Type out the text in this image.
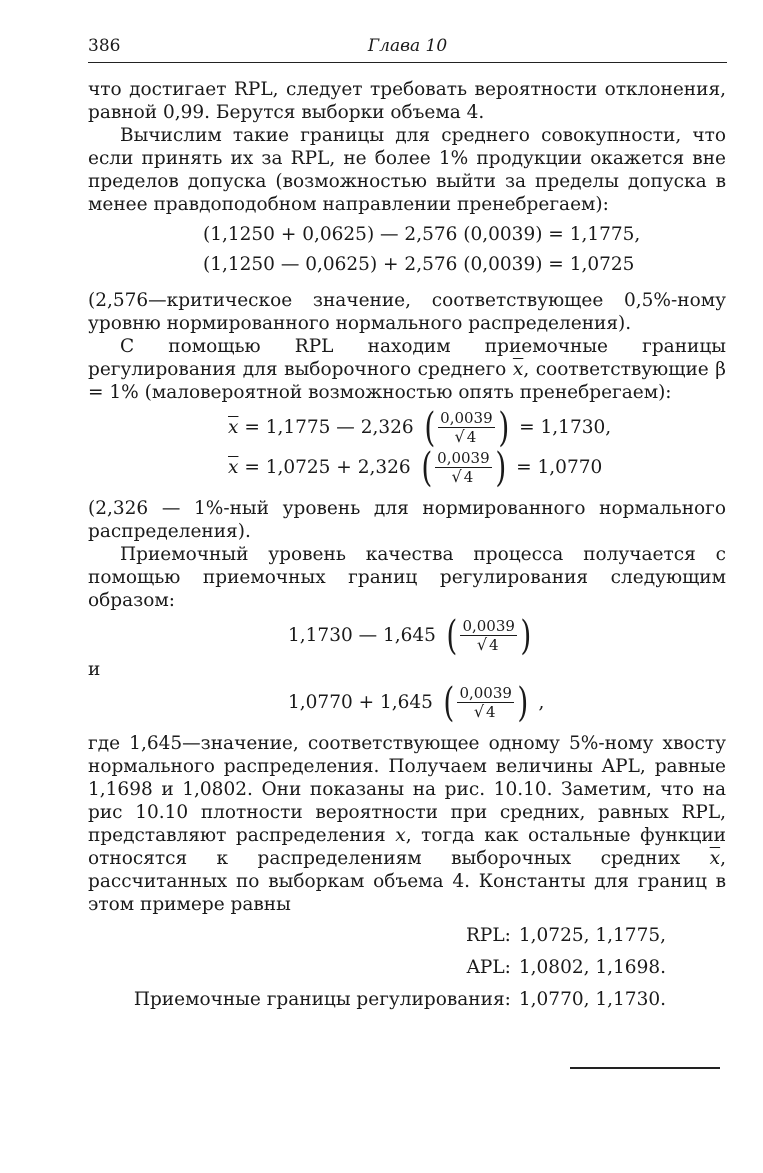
386	Глава 10

что достигает RPL, следует требовать вероятности отклонения, равной 0,99. Берутся выборки объема 4.

Вычислим такие границы для среднего совокупности, что если принять их за RPL, не более 1% продукции окажется вне пределов допуска (возможностью выйти за пределы допуска в менее правдоподобном направлении пренебрегаем):

(1,1250 + 0,0625) — 2,576 (0,0039) = 1,1775,
(1,1250 — 0,0625) + 2,576 (0,0039) = 1,0725

(2,576—критическое значение, соответствующее 0,5%-ному уровню нормированного нормального распределения).

С помощью RPL находим приемочные границы регулирования для выборочного среднего $\overline{x}$, соответствующие β = 1% (маловероятной возможностью опять пренебрегаем):

$\overline{x} = 1,1775$ — 2,326 ( 0,0039
√ 4 ) = 1,1730,
$\overline{x} = 1,0725 + 2,326$ ( 0,0039
√ 4 ) = 1,0770

(2,326 — 1%-ный уровень для нормированного нормального распределения).

Приемочный уровень качества процесса получается с помощью приемочных границ регулирования следующим образом:

1,1730 — 1,645 ( 0,0039
√ 4 )
и
1,0770 + 1,645 ( 0,0039
√ 4 ) ,

где 1,645—значение, соответствующее одному 5%-ному хвосту нормального распределения. Получаем величины APL, равные 1,1698 и 1,0802. Они показаны на рис. 10.10. Заметим, что на рис 10.10 плотности вероятности при средних, равных RPL, представляют распределения x, тогда как остальные функции относятся к распределениям выборочных средних $\overline{x}$, рассчитанных по выборкам объема 4. Константы для границ в этом примере равны

RPL:	1,0725, 1,1775,
APL:	1,0802, 1,1698.
Приемочные границы регулирования:	1,0770, 1,1730.
